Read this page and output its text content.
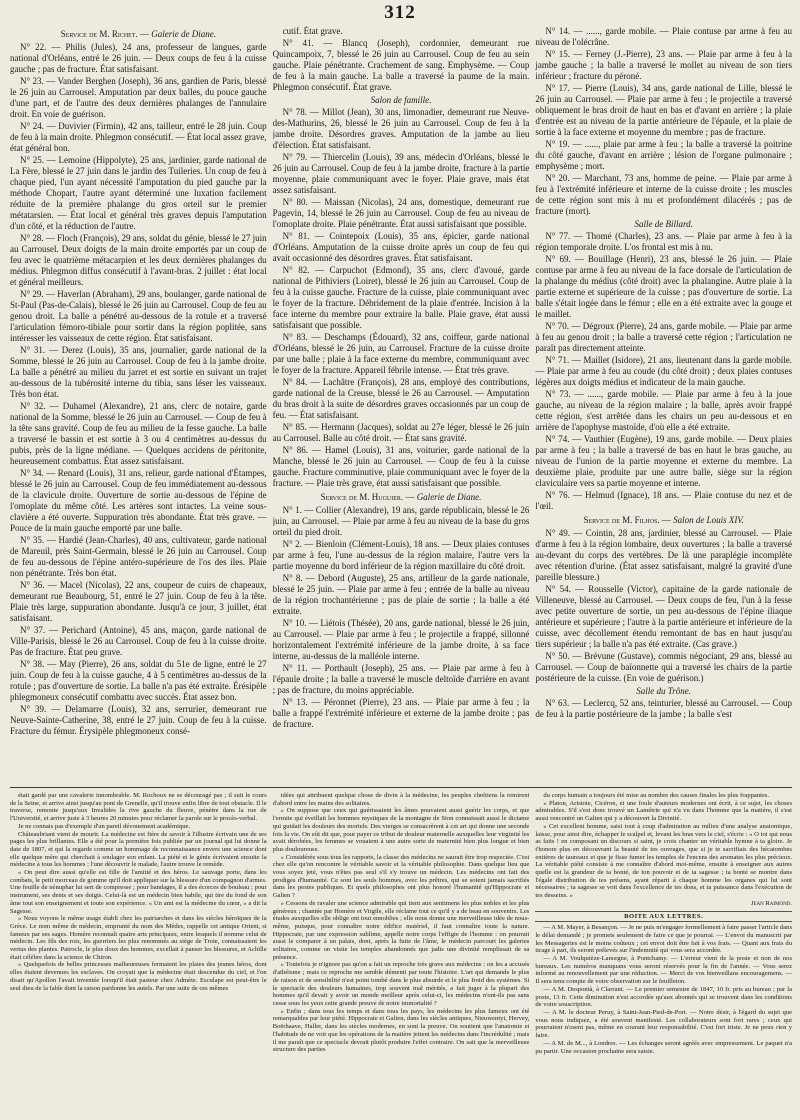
312

Service de M. Richet. — Galerie de Diane.

N° 22. — Philis (Jules), 24 ans, professeur de langues, garde national d'Orléans, entré le 26 juin. — Deux coups de feu à la cuisse gauche ; pas de fracture. État satisfaisant.

N° 23. — Vander Berghen (Joseph), 36 ans, gardien de Paris, blessé le 26 juin au Carrousel. Amputation par deux balles, du pouce gauche d'une part, et de l'autre des deux dernières phalanges de l'annulaire droit. En voie de guérison.

N° 24. — Duvivier (Firmin), 42 ans, tailleur, entré le 28 juin. Coup de feu à la main droite. Phlegmon consécutif. — État local assez grave, état général bon.

N° 25. — Lemoine (Hippolyte), 25 ans, jardinier, garde national de La Fère, blessé le 27 juin dans le jardin des Tuileries. Un coup de feu à chaque pied, l'un ayant nécessité l'amputation du pied gauche par la méthode Chopart, l'autre ayant déterminé une luxation facilement réduite de la première phalange du gros orteil sur le premier métatarsien. — État local et général très graves depuis l'amputation d'un côté, et la réduction de l'autre.

N° 28. — Floch (François), 29 ans, soldat du génie, blessé le 27 juin au Carrousel. Deux doigts de la main droite emportés par un coup de feu avec le quatrième métacarpien et les deux dernières phalanges du médius. Phlegmon diffus consécutif à l'avant-bras. 2 juillet : état local et général meilleurs.

N° 29. — Haverlan (Abraham), 29 ans, boulanger, garde national de St-Paul (Pas-de-Calais), blessé le 26 juin au Carrousel. Coup de feu au genou droit. La balle a pénétré au-dessous de la rotule et a traversé l'articulation fémoro-tibiale pour sortir dans la région poplitée, sans intéresser les vaisseaux de cette région. État satisfaisant.

N° 31. — Derez (Louis), 35 ans, journalier, garde national de la Somme, blessé le 26 juin au Carrousel. Coup de feu à la jambe droite. La balle a pénétré au milieu du jarret et est sortie en suivant un trajet au-dessous de la tubérosité interne du tibia, sans léser les vaisseaux. Très bon état.

N° 32. — Duhamel (Alexandre), 21 ans, clerc de notaire, garde national de la Somme, blessé le 26 juin au Carrousel. — Coup de feu à la tête sans gravité. Coup de feu au milieu de la fesse gauche. La balle a traversé le bassin et est sortie à 3 ou 4 centimètres au-dessus du pubis, près de la ligne médiane. — Quelques accidens de péritonite, heureusement combattus. État assez satisfaisant.

N° 34. — Renard (Louis), 31 ans, relieur, garde national d'Étampes, blessé le 26 juin au Carrousel. Coup de feu immédiatement au-dessous de la clavicule droite. Ouverture de sortie au-dessous de l'épine de l'omoplate du même côté. Les artères sont intactes. La veine sous-clavière a été ouverte. Suppuration très abondante. État très grave. — Pouce de la main gauche emporté par une balle.

N° 35. — Hardié (Jean-Charles), 40 ans, cultivateur, garde national de Mareuil, près Saint-Germain, blessé le 26 juin au Carrousel. Coup de feu au-dessous de l'épine antéro-supérieure de l'os des iles. Plaie non pénétrante. Très bon état.

N° 36. — Macel (Nicolas), 22 ans, coupeur de cuirs de chapeaux, demeurant rue Beaubourg, 51, entré le 27 juin. Coup de feu à la tête. Plaie très large, suppuration abondante. Jusqu'à ce jour, 3 juillet, état satisfaisant.

N° 37. — Perichard (Antoine), 45 ans, maçon, garde national de Ville-Parisis, blessé le 26 au Carrousel. Coup de feu à la cuisse droite. Pas de fracture. État peu grave.

N° 38. — May (Pierre), 26 ans, soldat du 51e de ligne, entré le 27 juin. Coup de feu à la cuisse gauche, 4 à 5 centimètres au-dessus de la rotule ; pas d'ouverture de sortie. La balle n'a pas été extraite. Érésipèle phlegmoneux consécutif combattu avec succès. État assez bon.

N° 39. — Delamarre (Louis), 32 ans, serrurier, demeurant rue Neuve-Sainte-Catherine, 38, entré le 27 juin. Coup de feu à la cuisse. Fracture du fémur. Érysipèle phlegmoneux consé-

cutif. État grave.

N° 41. — Blancq (Joseph), cordonnier, demeurant rue Quincampoix, 7, blessé le 26 juin au Carrousel. Coup de feu au sein gauche. Plaie pénétrante. Crachement de sang. Emphysème. — Coup de feu à la main gauche. La balle a traversé la paume de la main. Phlegmon consécutif. État grave.

Salon de famille.

N° 78. — Millot (Jean), 30 ans, limonadier, demeurant rue Neuve-des-Mathurins, 26, blessé le 26 juin au Carrousel. Coup de feu à la jambe droite. Désordres graves. Amputation de la jambe au lieu d'élection. État satisfaisant.

N° 79. — Thiercelin (Louis), 39 ans, médecin d'Orléans, blessé le 26 juin au Carrousel. Coup de feu à la jambe droite, fracture à la partie moyenne, plaie communiquant avec le foyer. Plaie grave, mais état assez satisfaisant.

N° 80. — Maissan (Nicolas), 24 ans, domestique, demeurant rue Pagevin, 14, blessé le 26 juin au Carrousel. Coup de feu au niveau de l'omoplate droite. Plaie pénétrante. État aussi satisfaisant que possible.

N° 81. — Cointepoix (Louis), 35 ans, épicier, garde national d'Orléans. Amputation de la cuisse droite après un coup de feu qui avait occasionné des désordres graves. État satisfaisant.

N° 82. — Carpuchot (Edmond), 35 ans, clerc d'avoué, garde national de Pithiviers (Loiret), blessé le 26 juin au Carrousel. Coup de feu à la cuisse gauche. Fracture de la cuisse, plaie communiquant avec le foyer de la fracture. Débridement de la plaie d'entrée. Incision à la face interne du membre pour extraire la balle. Plaie grave, état aussi satisfaisant que possible.

N° 83. — Deschamps (Édouard), 32 ans, coiffeur, garde national d'Orléans, blessé le 26 juin, au Carrousel. Fracture de la cuisse droite par une balle ; plaie à la face externe du membre, communiquant avec le foyer de la fracture. Appareil fébrile intense. — État très grave.

N° 84. — Lachâtre (François), 28 ans, employé des contributions, garde national de la Creuse, blessé le 26 au Carrousel. — Amputation du bras droit à la suite de désordres graves occasionnés par un coup de feu. — État satisfaisant.

N° 85. — Hermann (Jacques), soldat au 27e léger, blessé le 26 juin au Carrousel. Balle au côté droit. — État sans gravité.

N° 86. — Hamel (Louis), 31 ans, voiturier, garde national de la Manche, blessé le 26 juin au Carrousel. — Coup de feu à la cuisse gauche. Fracture comminutive, plaie communiquant avec le foyer de la fracture. — Plaie très grave, état aussi satisfaisant que possible.

Service de M. Huguier. — Galerie de Diane.

N° 1. — Collier (Alexandre), 19 ans, garde républicain, blessé le 26 juin, au Carrousel. — Plaie par arme à feu au niveau de la base du gros orteil du pied droit.

N° 2. — Bienloin (Clément-Louis), 18 ans. — Deux plaies contuses par arme à feu, l'une au-dessus de la région malaire, l'autre vers la partie moyenne du bord inférieur de la région maxillaire du côté droit.

N° 8. — Debord (Auguste), 25 ans, artilleur de la garde nationale, blessé le 25 juin. — Plaie par arme à feu ; entrée de la balle au niveau de la région trochantérienne ; pas de plaie de sortie ; la balle a été extraite.

N° 10. — Liétois (Thésée), 20 ans, garde national, blessé le 26 juin, au Carrousel. — Plaie par arme à feu ; le projectile a frappé, sillonné horizontalement l'extrémité inférieure de la jambe droite, à sa face interne, au-dessus de la malléole interne.

N° 11. — Porthault (Joseph), 25 ans. — Plaie par arme à feu à l'épaule droite ; la balle a traversé le muscle deltoïde d'arrière en avant ; pas de fracture, du moins appréciable.

N° 13. — Péronnet (Pierre), 23 ans. — Plaie par arme à feu ; la balle a frappé l'extrémité inférieure et externe de la jambe droite ; pas de fracture.

N° 14. — ......, garde mobile. — Plaie contuse par arme à feu au niveau de l'olécrâne.

N° 15. — Ferney (J.-Pierre), 23 ans. — Plaie par arme à feu à la jambe gauche ; la balle a traversé le mollet au niveau de son tiers inférieur ; fracture du péroné.

N° 17. — Pierre (Louis), 34 ans, garde national de Lille, blessé le 26 juin au Carrousel. — Plaie par arme à feu ; le projectile a traversé obliquement le bras droit de haut en bas et d'avant en arrière ; la plaie d'entrée est au niveau de la partie antérieure de l'épaule, et la plaie de sortie à la face externe et moyenne du membre ; pas de fracture.

N° 19. — ......, plaie par arme à feu ; la balle a traversé la poitrine du côté gauche, d'avant en arrière ; lésion de l'organe pulmonaire ; emphysème ; mort.

N° 20. — Marchant, 73 ans, homme de peine. — Plaie par arme à feu à l'extrémité inférieure et interne de la cuisse droite ; les muscles de cette région sont mis à nu et profondément dilacérés ; pas de fracture (mort).

Salle de Billard.

N° 77. — Thomé (Charles), 23 ans. — Plaie par arme à feu à la région temporale droite. L'os frontal est mis à nu.

N° 69. — Bouillage (Henri), 23 ans, blessé le 26 juin. — Plaie contuse par arme à feu au niveau de la face dorsale de l'articulation de la phalange du médius (côté droit) avec la phalangine. Autre plaie à la partie externe et supérieure de la cuisse ; pas d'ouverture de sortie. La balle s'était logée dans le fémur ; elle en a été extraite avec la gouge et le maillet.

N° 70. — Dégroux (Pierre), 24 ans, garde mobile. — Plaie par arme à feu au genou droit ; la balle a traversé cette région ; l'articulation ne paraît pas directement atteinte.

N° 71. — Maillet (Isidore), 21 ans, lieutenant dans la garde mobile. — Plaie par arme à feu au coude (du côté droit) ; deux plaies contuses légères aux doigts médius et indicateur de la main gauche.

N° 73. — ......, garde mobile. — Plaie par arme à feu à la joue gauche, au niveau de la région malaire ; la balle, après avoir frappé cette région, s'est arrêtée dans les chairs un peu au-dessous et en arrière de l'apophyse mastoïde, d'où elle a été extraite.

N° 74. — Vauthier (Eugène), 19 ans, garde mobile. — Deux plaies par arme à feu ; la balle a traversé de bas en haut le bras gauche, au niveau de l'union de la partie moyenne et externe du membre. La deuxième plaie, produite par une autre balle, siège sur la région claviculaire vers sa partie moyenne et interne.

N° 76. — Helmud (Ignace), 18 ans. — Plaie contuse du nez et de l'œil.

Service de M. Filhos. — Salon de Louis XIV.

N° 49. — Cointin, 28 ans, jardinier, blessé au Carrousel. — Plaie d'arme à feu à la région lombaire, deux ouvertures ; la balle a traversé au-devant du corps des vertèbres. De là une paraplégie incomplète avec rétention d'urine. (État assez satisfaisant, malgré la gravité d'une pareille blessure.)

N° 54. — Rousselle (Victor), capitaine de la garde nationale de Villeneuve, blessé au Carrousel. — Deux coups de feu, l'un à la fesse avec petite ouverture de sortie, un peu au-dessous de l'épine iliaque antérieure et supérieure ; l'autre à la partie antérieure et inférieure de la cuisse, avec décollement étendu remontant de bas en haut jusqu'au tiers supérieur ; la balle n'a pas été extraite. (Cas grave.)

N° 50. — Brévune (Gustave), commis négociant, 29 ans, blessé au Carrousel. — Coup de baïonnette qui a traversé les chairs de la partie postérieure de la cuisse. (En voie de guérison.)

Salle du Trône.

N° 63. — Leclercq, 52 ans, teinturier, blessé au Carrousel. — Coup de feu à la partie postérieure de la jambe ; la balle s'est

était gardé par une cavalerie innombrable. M. Rochoux ne se découragé pas ; il suit le cours de la Seine, et arrive ainsi jusqu'au pont de Grenelle, qu'il trouve enfin libre de tout obstacle. Il le traverse, remonte jusqu'aux Invalides la rive gauche du fleuve, pénètre dans la rue de l'Université, et arrive juste à 3 heures 20 minutes pour réclamer la parole sur le procès-verbal.

Je ne connais pas d'exemple d'un pareil dévouement académique.

Châteaubriant vient de mourir. La médecine est fière de savoir à l'illustre écrivain une de ses pages les plus brillantes. Elle a été pour la première fois publiée par un journal qui lui donne la date de 1807, et qui la regarde comme un hommage de reconnaissance envers une science dont elle quelque mère qui cherchait à soulager son enfant. La piété et le génie écrivaient ensuite la médecine à tous les hommes ; l'une découvrir le malade, l'autre trouve le remède.

« On peut dire aussi qu'elle est fille de l'amitié et des héros. Le sauvage porte, dans les combats, le petit morceau de gomme qu'il doit appliquer sur la blessure d'un compagnon d'armes. Une feuille de nénuphar lui sert de compresse ; pour bandages, il a des écorces de bouleau ; pour instrument, ses dents et ses doigts. Celui-là est un médecin bien habile, qui tire du fond de son âme tout son enseignement et toute son expérience. « Un ami est la médecine du cœur, » a dit la Sagesse.

» Nous voyons le même usage établi chez les patriarches et dans les siècles héroïques de la Grèce. Le nom même de médecin, emprunté du nom des Mèdes, rappelle cet antique Orient, si fameux par ses sages. Homère reconnaît quatre arts principaux, entre lesquels il nomme celui de médecin. Les fils des rois, les guerriers les plus renommés au siège de Troie, connaissaient les vertus des plantes. Patrocle, le plus doux des hommes, excellait à panser les blessures, et Achille était célèbre dans la science de Chiron.

» Quelquefois de belles princesses malheureuses fermaient les plaies des jeunes héros, dont elles étaient devenues les esclaves. On croyait que la médecine était descendue du ciel, et l'on disait qu'Apollon l'avait inventée lorsqu'il était pasteur chez Admète. Esculape est peut-être le seul dieu de la fable dont la raison pardonne les autels. Par une suite de ces mêmes

idées qui attribuent quelque chose de divin à la médecine, les peuples chrétiens la remirent d'abord entre les mains des solitaires.

» On suppose que ceux qui guérissaient les âmes pouvaient aussi guérir les corps, et que l'ermite qui éveillait les hommes mystiques de la montagne de Sion connaissait aussi le dictame qui guidait les douleurs des mortels. Des vierges se consacrèrent à cet art qui donne une seconde fois la vie. On eût dit que, pour payer ce tribut de douleur maternelle auxquelles leur virginité les avait dérobées, les femmes se vouaient à une autre sorte de maternité bien plus longue et bien plus douloureuse.

» Considérée sous tous les rapports, la classe des médecins ne saurait être trop respectée. C'est chez elle qu'on rencontre le véritable savoir et la véritable philosophie. Dans quelque lieu que vous soyez jeté, vous n'êtes pas seul s'il s'y trouve un médecin. Les médecins ont fait des prodiges d'humanité. Ce sont les seuls hommes, avec les prêtres, qui se soient jamais sacrifiés dans les pestes publiques. Et quels philosophes ont plus honoré l'humanité qu'Hippocrate et Galien ?

» Cessons de ravaler une science admirable qui tient aux sentimens les plus nobles et les plus généreux ; chantée par Homère et Virgile, elle réclame tout ce qu'il y a de beau en souvenirs. Les études auxquelles elle oblige ont tout ennoblies ; elle nous donne une merveilleuse idée de nous-même, puisque, pour connaître notre édifice matériel, il faut connaître toute la nature. Hippocrate, par une expression sublime, appelle notre corps l'effigie de l'homme : on pourrait aussi le comparer à un palais, dont, après la fuite de l'âme, le médecin parcourt les galeries solitaires, comme on visite les temples abandonnés que jadis une divinité remplissait de sa présence.

» Toutefois je n'ignore pas qu'on a fait un reproche très grave aux médecins : on les a accusés d'athéisme ; mais ce reproche me semble démenti par toute l'histoire. L'art qui demande le plus de raison et de sensibilité n'est point tombé dans le plus absurde et le plus froid des systèmes. Si le spectacle des douleurs humaines, trop souvent mal mérités, a fait juger à la plupart des hommes qu'il devait y avoir un monde meilleur après celui-ci, les médecins n'ont-ils pas sans cesse sous les yeux cette grande preuve de notre immortalité ?

» Enfin ; dans tous les temps et dans tous les pays, les médecins les plus fameux ont été remarquables par leur piété. Hippocrate et Galien, dans les siècles antiques, Nieuwentyt, Hervey, Boërhaave, Haller, dans les siècles modernes, en sont la preuve. On soutient que l'anatomie et l'habitude de ne voir que les opérations de la matière jettent les médecins dans l'incrédulité ; mais il me paraît que ce spectacle devrait plutôt produire l'effet contraire. On sait que la merveilleuse structure des parties

du corps humain a toujours été mise au nombre des causes finales les plus frappantes.

» Platon, Aristote, Cicéron, et une foule d'auteurs modernes ont écrit, à ce sujet, les choses admirables. S'il s'est donc trouvé un Lamétrie qui n'a vu dans l'homme que la matière, il s'est aussi rencontré un Galien qui y a découvert la Divinité.

» Cet excellent homme, saisi tout à coup d'admiration au milieu d'une analyse anatomique, laisse, pour ainsi dire, échapper le scalpel et, levant les bras vers le ciel, s'écrie : « O toi qui nous as faits ! en composant un discours si saint, je crois chanter un véritable hymne à ta gloire. Je t'honore plus en découvrant la beauté de tes ouvrages, que si je te sacrifiais des hécatombes entières de taureaux et que je fisse fumer les temples de l'encens des aromates les plus précieux. La véritable piété consiste à me connaître d'abord moi-même, ensuite à enseigner aux autres quelle est la grandeur de ta bonté, de ton pouvoir et de ta sagesse ; ta bonté se montre dans l'égale distribution de tes présens, ayant réparti à chaque homme les organes qui lui sont nécessaires ; ta sagesse se voit dans l'excellence de tes dons, et ta puissance dans l'exécution de tes desseins. »

Jean Raimond.

BOITE AUX LETTRES.

— A M. Mayer, à Besançon. — Je ne puis m'engager formellement à faire passer l'article dans le délai demandé ; je promets seulement de faire ce que je pourrai. — L'envoi du manuscrit par les Messageries est le moins coûteux ; cet envoi doit être fait à vos frais. — Quant aux frais du tirage à part, ils seront prélevés sur l'indemnité qui vous sera accordée.

— A M. Voulquièze-Lanorgne, à Pontchamy. — L'erreur vient de la poste et non de nos bureaux. Les numéros manquans vous seront réservés pour la fin de l'année. — Vous serez informé au renouvellement par une réduction. — Merci de vos bienveillans encouragemens. — Il sera tenu compte de votre observation sur le feuilleton.

— A M. Despontà, à Clarrant. — Le premier semestre de 1847, 10 fr. pris au bureau ; par la poste, 13 fr. Cette diminution n'est accordée qu'aux abonnés qui se trouvent dans les conditions de votre souscription.

— A M. le docteur Peruy, à Saint-Jean-Pied-de-Port. — Notre désir, à l'égard du sujet que vous nous indiquez, a été souvent manifesté. Les collaborateurs sont fort rares ; ceux qui pourraient n'osent pas, même en courant leur responsabilité. C'est fort triste. Je ne peux rien y faire.

— A M. de M..., à Londres. — Les échanges seront agréés avec empressement. Le paquet n'a pu partir. Une occasion prochaine sera saisie.
